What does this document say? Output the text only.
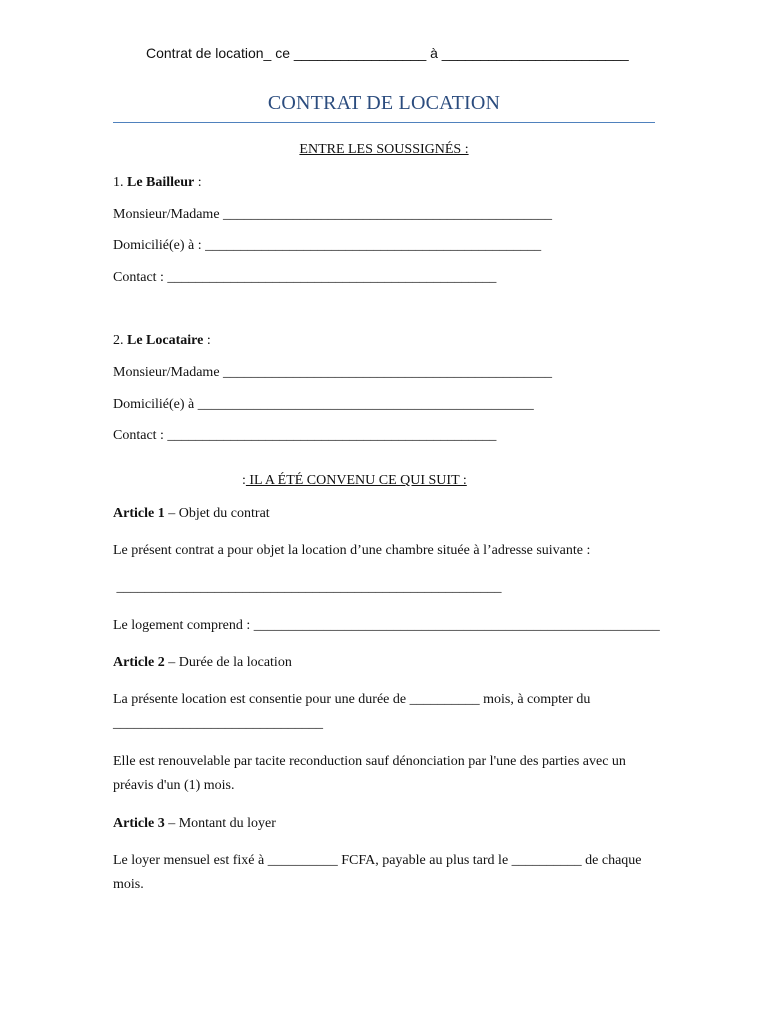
Contrat de location_ ce _________________ à ________________________
CONTRAT DE LOCATION
ENTRE LES SOUSSIGNÉS :
1. Le Bailleur :
Monsieur/Madame _______________________________________________
Domicilié(e) à : ________________________________________________
Contact : _______________________________________________
2. Le Locataire :
Monsieur/Madame _______________________________________________
Domicilié(e) à ________________________________________________
Contact : _______________________________________________
: IL A ÉTÉ CONVENU CE QUI SUIT :
Article 1 – Objet du contrat
Le présent contrat a pour objet la location d’une chambre située à l’adresse suivante :
_______________________________________________________
Le logement comprend : __________________________________________________________
Article 2 – Durée de la location
La présente location est consentie pour une durée de __________ mois, à compter du ______________________________
Elle est renouvelable par tacite reconduction sauf dénonciation par l'une des parties avec un préavis d'un (1) mois.
Article 3 – Montant du loyer
Le loyer mensuel est fixé à __________ FCFA, payable au plus tard le __________ de chaque mois.
